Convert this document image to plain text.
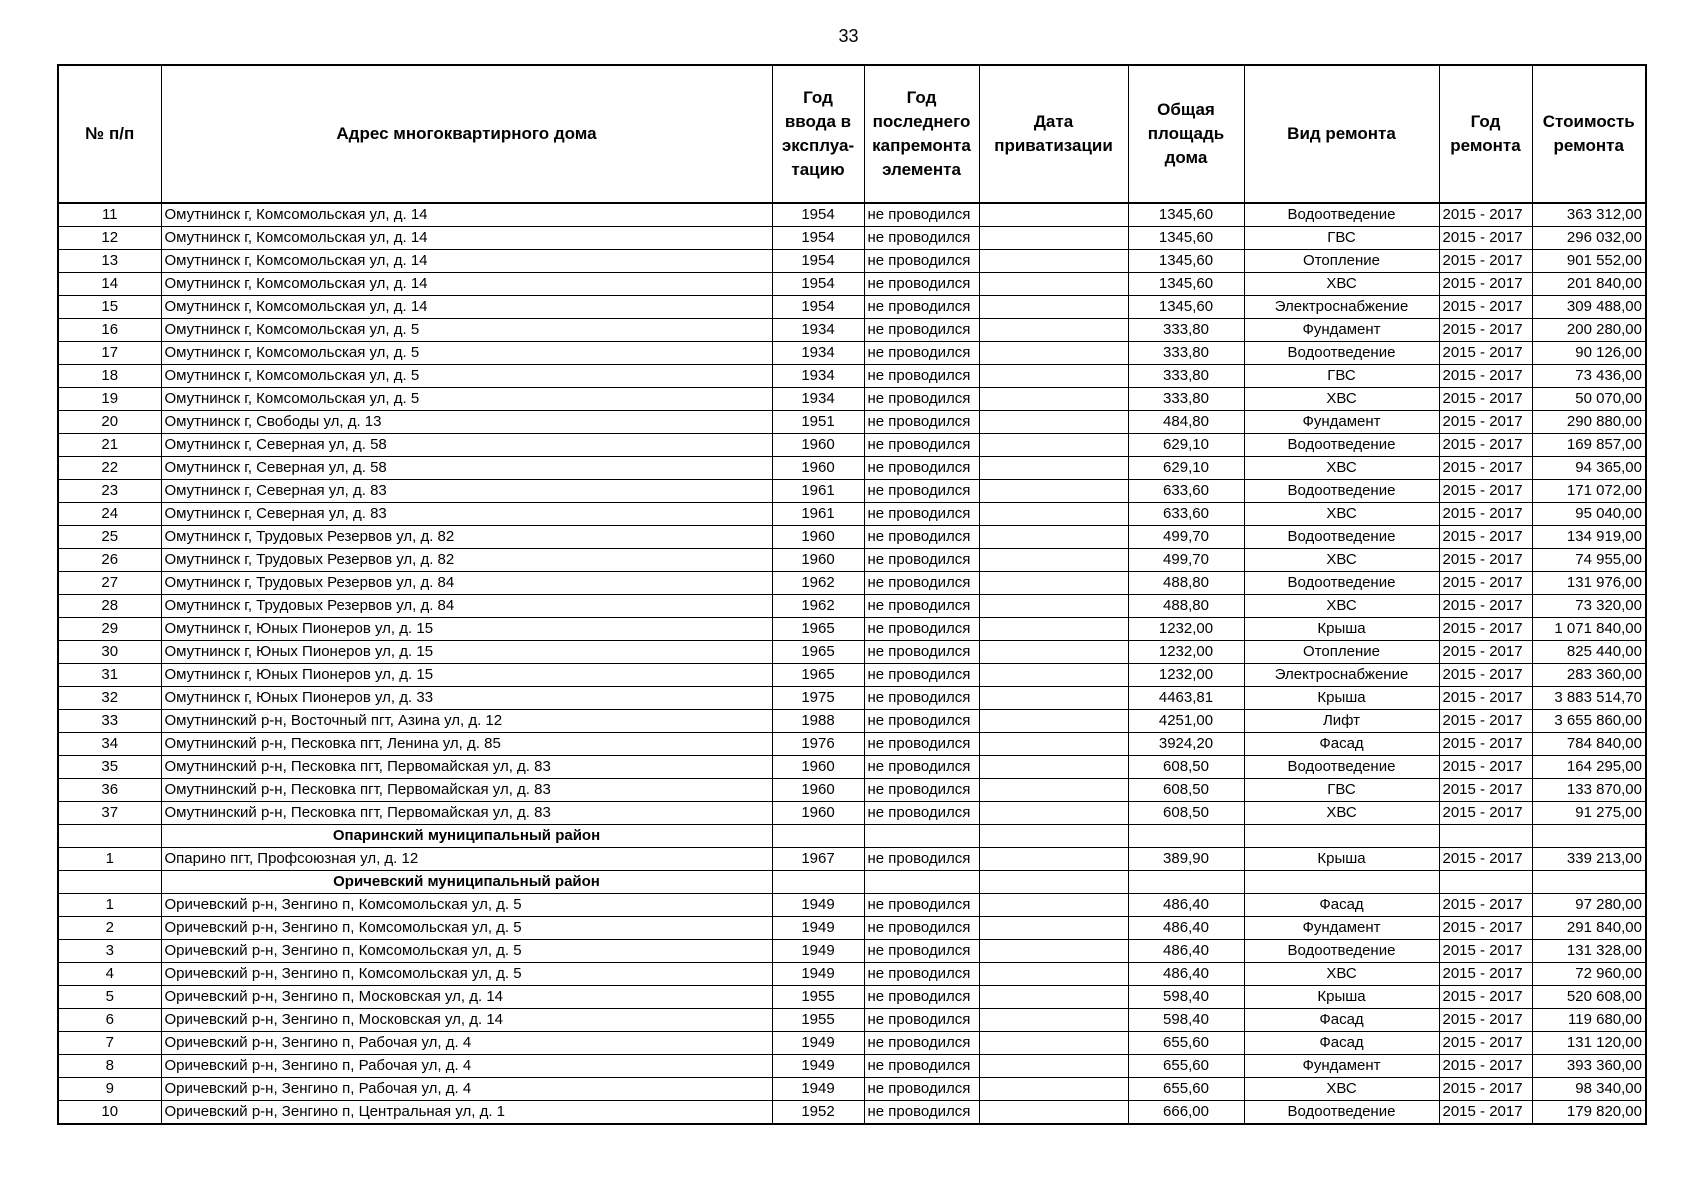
33
№ п/п	Адрес многоквартирного дома	Год ввода в эксплуа-тацию	Год последнего капремонта элемента	Дата приватизации	Общая площадь дома	Вид ремонта	Год ремонта	Стоимость ремонта
11	Омутнинск г, Комсомольская ул, д. 14	1954	не проводился		1345,60	Водоотведение	2015 - 2017	363 312,00
12	Омутнинск г, Комсомольская ул, д. 14	1954	не проводился		1345,60	ГВС	2015 - 2017	296 032,00
13	Омутнинск г, Комсомольская ул, д. 14	1954	не проводился		1345,60	Отопление	2015 - 2017	901 552,00
14	Омутнинск г, Комсомольская ул, д. 14	1954	не проводился		1345,60	ХВС	2015 - 2017	201 840,00
15	Омутнинск г, Комсомольская ул, д. 14	1954	не проводился		1345,60	Электроснабжение	2015 - 2017	309 488,00
16	Омутнинск г, Комсомольская ул, д. 5	1934	не проводился		333,80	Фундамент	2015 - 2017	200 280,00
17	Омутнинск г, Комсомольская ул, д. 5	1934	не проводился		333,80	Водоотведение	2015 - 2017	90 126,00
18	Омутнинск г, Комсомольская ул, д. 5	1934	не проводился		333,80	ГВС	2015 - 2017	73 436,00
19	Омутнинск г, Комсомольская ул, д. 5	1934	не проводился		333,80	ХВС	2015 - 2017	50 070,00
20	Омутнинск г, Свободы ул, д. 13	1951	не проводился		484,80	Фундамент	2015 - 2017	290 880,00
21	Омутнинск г, Северная ул, д. 58	1960	не проводился		629,10	Водоотведение	2015 - 2017	169 857,00
22	Омутнинск г, Северная ул, д. 58	1960	не проводился		629,10	ХВС	2015 - 2017	94 365,00
23	Омутнинск г, Северная ул, д. 83	1961	не проводился		633,60	Водоотведение	2015 - 2017	171 072,00
24	Омутнинск г, Северная ул, д. 83	1961	не проводился		633,60	ХВС	2015 - 2017	95 040,00
25	Омутнинск г, Трудовых Резервов ул, д. 82	1960	не проводился		499,70	Водоотведение	2015 - 2017	134 919,00
26	Омутнинск г, Трудовых Резервов ул, д. 82	1960	не проводился		499,70	ХВС	2015 - 2017	74 955,00
27	Омутнинск г, Трудовых Резервов ул, д. 84	1962	не проводился		488,80	Водоотведение	2015 - 2017	131 976,00
28	Омутнинск г, Трудовых Резервов ул, д. 84	1962	не проводился		488,80	ХВС	2015 - 2017	73 320,00
29	Омутнинск г, Юных Пионеров ул, д. 15	1965	не проводился		1232,00	Крыша	2015 - 2017	1 071 840,00
30	Омутнинск г, Юных Пионеров ул, д. 15	1965	не проводился		1232,00	Отопление	2015 - 2017	825 440,00
31	Омутнинск г, Юных Пионеров ул, д. 15	1965	не проводился		1232,00	Электроснабжение	2015 - 2017	283 360,00
32	Омутнинск г, Юных Пионеров ул, д. 33	1975	не проводился		4463,81	Крыша	2015 - 2017	3 883 514,70
33	Омутнинский р-н, Восточный пгт, Азина ул, д. 12	1988	не проводился		4251,00	Лифт	2015 - 2017	3 655 860,00
34	Омутнинский р-н, Песковка пгт, Ленина ул, д. 85	1976	не проводился		3924,20	Фасад	2015 - 2017	784 840,00
35	Омутнинский р-н, Песковка пгт, Первомайская ул, д. 83	1960	не проводился		608,50	Водоотведение	2015 - 2017	164 295,00
36	Омутнинский р-н, Песковка пгт, Первомайская ул, д. 83	1960	не проводился		608,50	ГВС	2015 - 2017	133 870,00
37	Омутнинский р-н, Песковка пгт, Первомайская ул, д. 83	1960	не проводился		608,50	ХВС	2015 - 2017	91 275,00
	Опаринский муниципальный район							
1	Опарино пгт, Профсоюзная ул, д. 12	1967	не проводился		389,90	Крыша	2015 - 2017	339 213,00
	Оричевский муниципальный район							
1	Оричевский р-н, Зенгино п, Комсомольская ул, д. 5	1949	не проводился		486,40	Фасад	2015 - 2017	97 280,00
2	Оричевский р-н, Зенгино п, Комсомольская ул, д. 5	1949	не проводился		486,40	Фундамент	2015 - 2017	291 840,00
3	Оричевский р-н, Зенгино п, Комсомольская ул, д. 5	1949	не проводился		486,40	Водоотведение	2015 - 2017	131 328,00
4	Оричевский р-н, Зенгино п, Комсомольская ул, д. 5	1949	не проводился		486,40	ХВС	2015 - 2017	72 960,00
5	Оричевский р-н, Зенгино п, Московская ул, д. 14	1955	не проводился		598,40	Крыша	2015 - 2017	520 608,00
6	Оричевский р-н, Зенгино п, Московская ул, д. 14	1955	не проводился		598,40	Фасад	2015 - 2017	119 680,00
7	Оричевский р-н, Зенгино п, Рабочая ул, д. 4	1949	не проводился		655,60	Фасад	2015 - 2017	131 120,00
8	Оричевский р-н, Зенгино п, Рабочая ул, д. 4	1949	не проводился		655,60	Фундамент	2015 - 2017	393 360,00
9	Оричевский р-н, Зенгино п, Рабочая ул, д. 4	1949	не проводился		655,60	ХВС	2015 - 2017	98 340,00
10	Оричевский р-н, Зенгино п, Центральная ул, д. 1	1952	не проводился		666,00	Водоотведение	2015 - 2017	179 820,00
